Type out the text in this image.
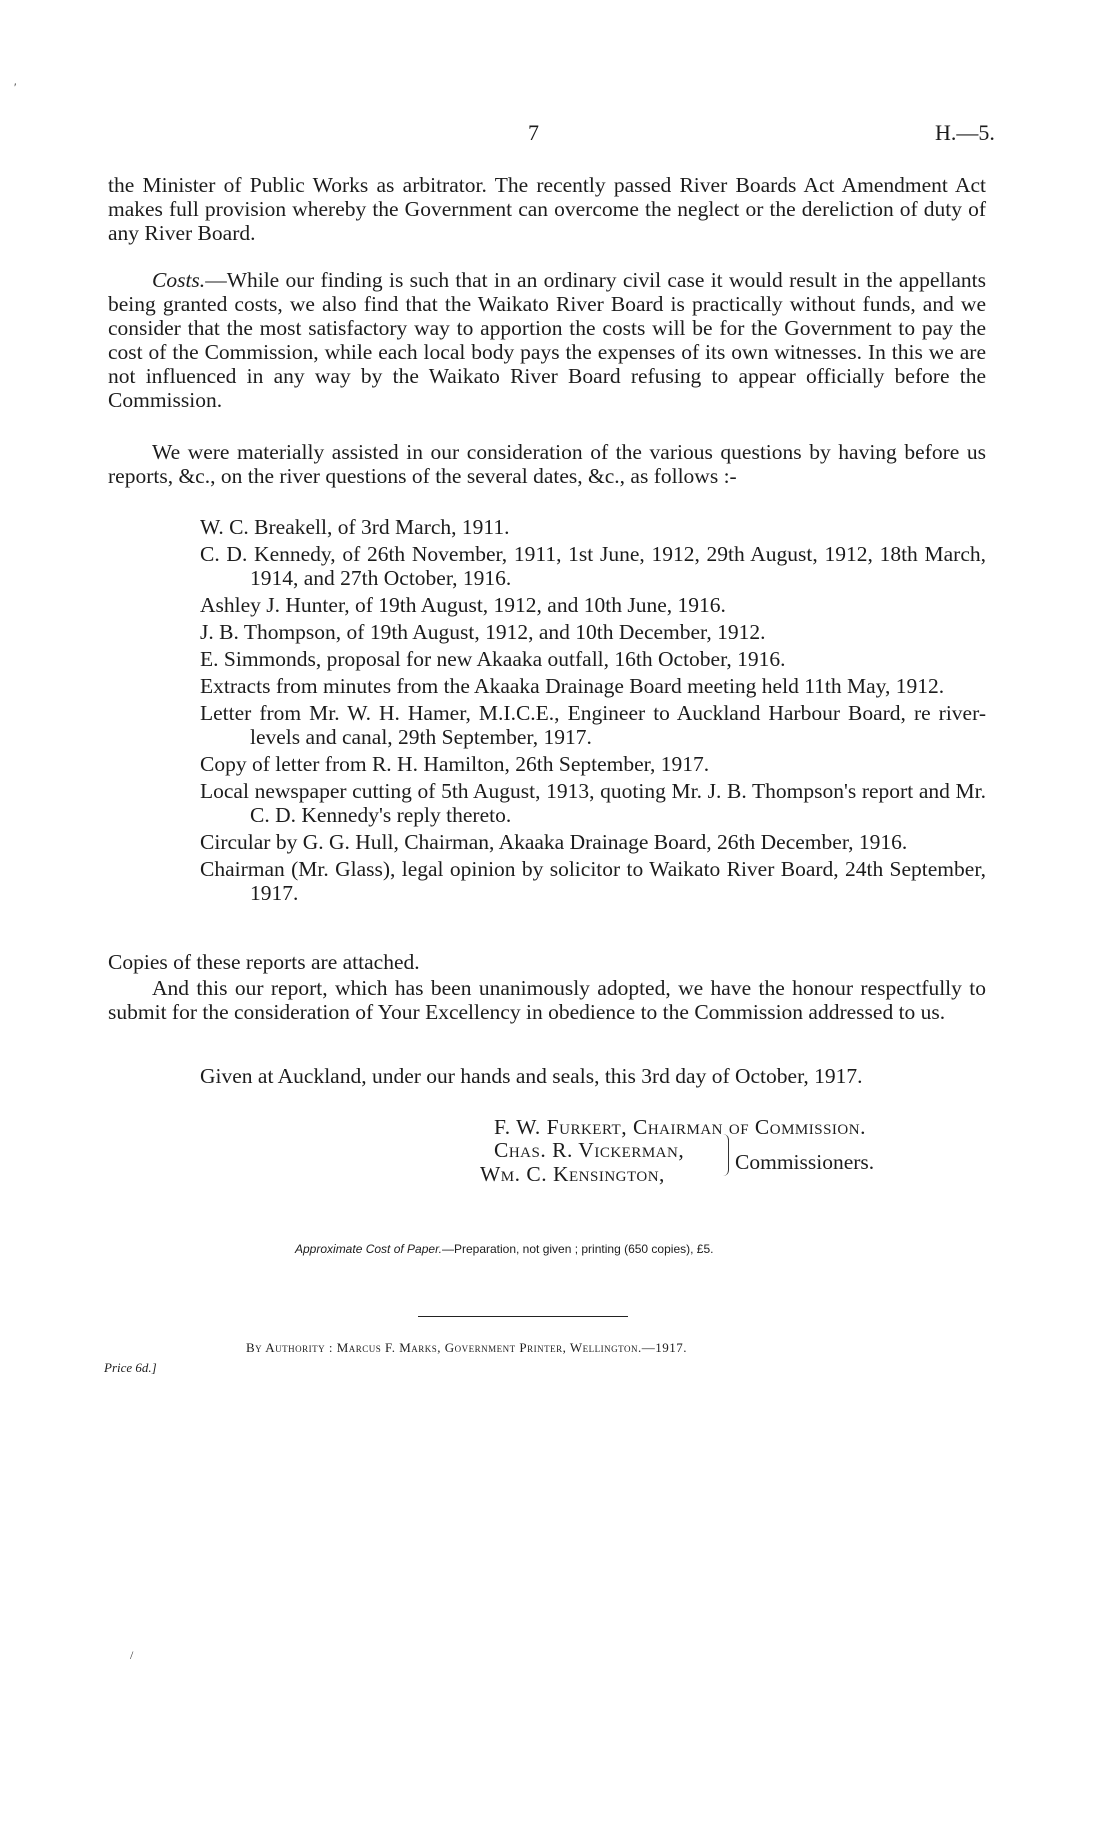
7	H.—5.
the Minister of Public Works as arbitrator. The recently passed River Boards Act Amendment Act makes full provision whereby the Government can overcome the neglect or the dereliction of duty of any River Board.
Costs.—While our finding is such that in an ordinary civil case it would result in the appellants being granted costs, we also find that the Waikato River Board is practically without funds, and we consider that the most satisfactory way to apportion the costs will be for the Government to pay the cost of the Commission, while each local body pays the expenses of its own witnesses. In this we are not influenced in any way by the Waikato River Board refusing to appear officially before the Commission.
We were materially assisted in our consideration of the various questions by having before us reports, &c., on the river questions of the several dates, &c., as follows :-
W. C. Breakell, of 3rd March, 1911.
C. D. Kennedy, of 26th November, 1911, 1st June, 1912, 29th August, 1912, 18th March, 1914, and 27th October, 1916.
Ashley J. Hunter, of 19th August, 1912, and 10th June, 1916.
J. B. Thompson, of 19th August, 1912, and 10th December, 1912.
E. Simmonds, proposal for new Akaaka outfall, 16th October, 1916.
Extracts from minutes from the Akaaka Drainage Board meeting held 11th May, 1912.
Letter from Mr. W. H. Hamer, M.I.C.E., Engineer to Auckland Harbour Board, re river-levels and canal, 29th September, 1917.
Copy of letter from R. H. Hamilton, 26th September, 1917.
Local newspaper cutting of 5th August, 1913, quoting Mr. J. B. Thompson's report and Mr. C. D. Kennedy's reply thereto.
Circular by G. G. Hull, Chairman, Akaaka Drainage Board, 26th December, 1916.
Chairman (Mr. Glass), legal opinion by solicitor to Waikato River Board, 24th September, 1917.
Copies of these reports are attached.
And this our report, which has been unanimously adopted, we have the honour respectfully to submit for the consideration of Your Excellency in obedience to the Commission addressed to us.
Given at Auckland, under our hands and seals, this 3rd day of October, 1917.
F. W. Furkert, Chairman of Commission.
Chas. R. Vickerman,
Wm. C. Kensington,	Commissioners.
Approximate Cost of Paper.—Preparation, not given ; printing (650 copies), £5.
By Authority : Marcus F. Marks, Government Printer, Wellington.—1917.
Price 6d.]
′
/
